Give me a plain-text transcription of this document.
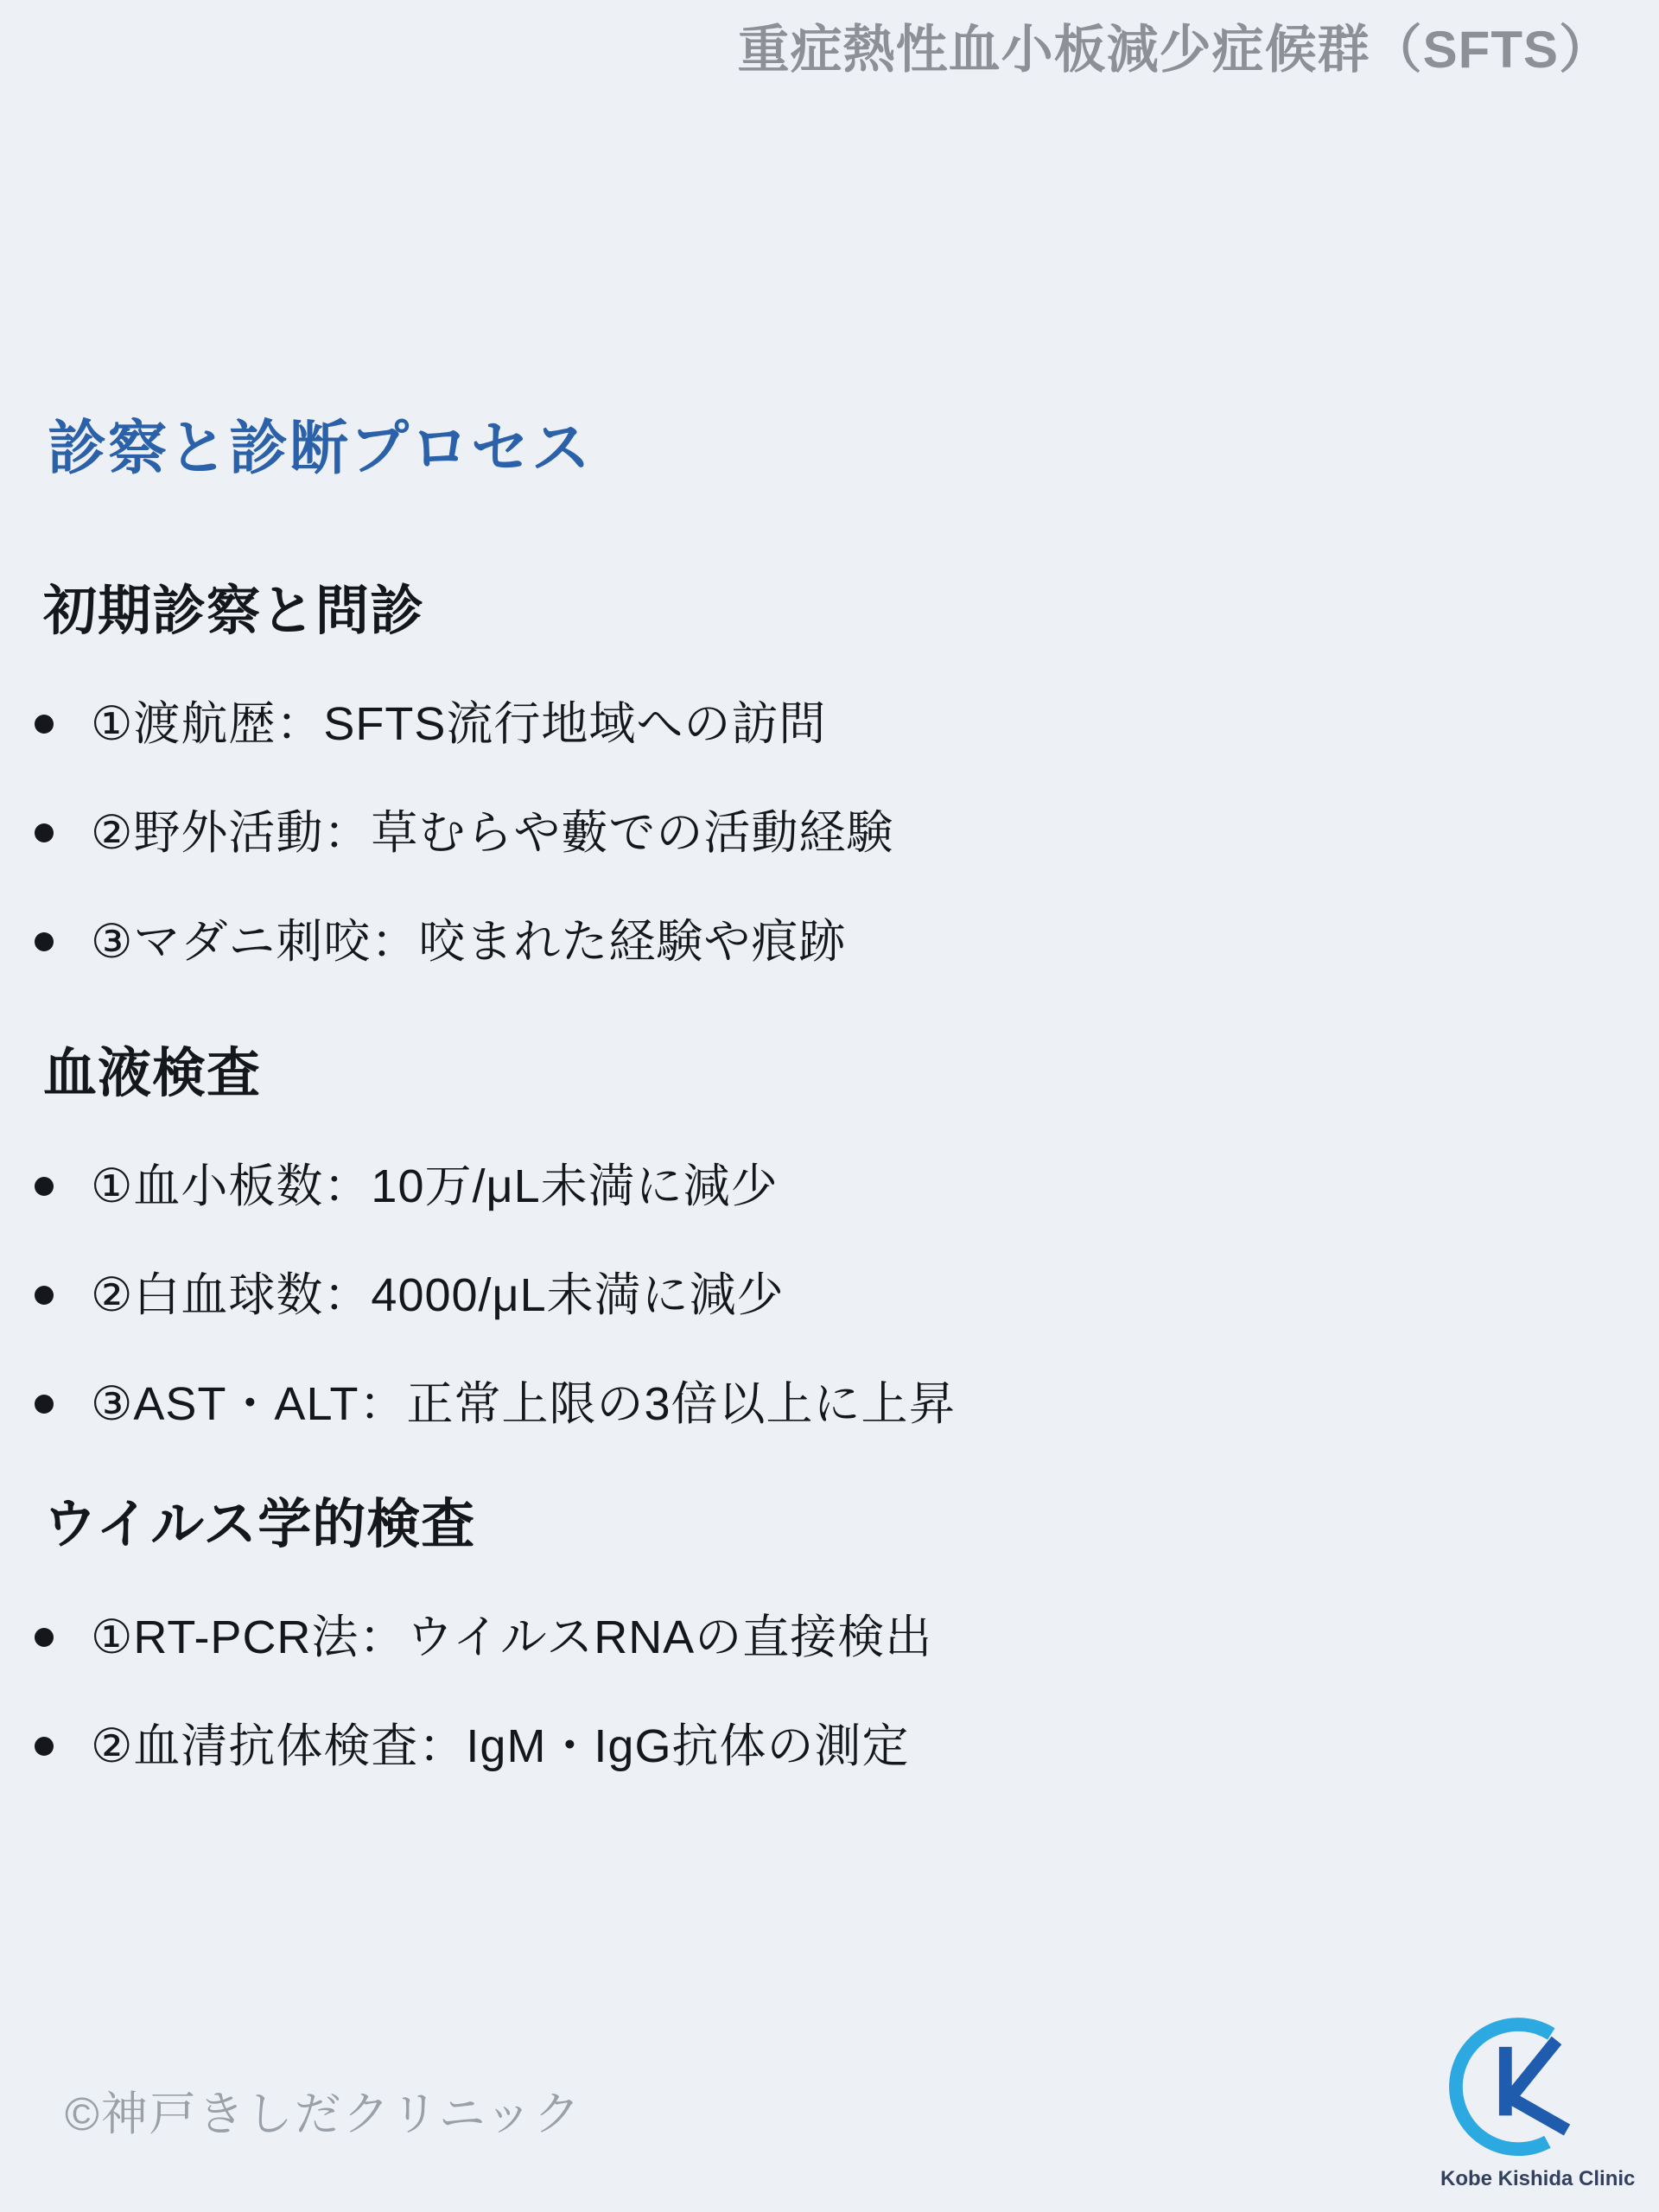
重症熱性血小板減少症候群（SFTS）
診察と診断プロセス
初期診察と問診
①渡航歴：SFTS流行地域への訪問
②野外活動：草むらや藪での活動経験
③マダニ刺咬：咬まれた経験や痕跡
血液検査
①血小板数：10万/μL未満に減少
②白血球数：4000/μL未満に減少
③AST・ALT：正常上限の3倍以上に上昇
ウイルス学的検査
①RT-PCR法：ウイルスRNAの直接検出
②血清抗体検査：IgM・IgG抗体の測定
©神戸きしだクリニック
Kobe Kishida Clinic
